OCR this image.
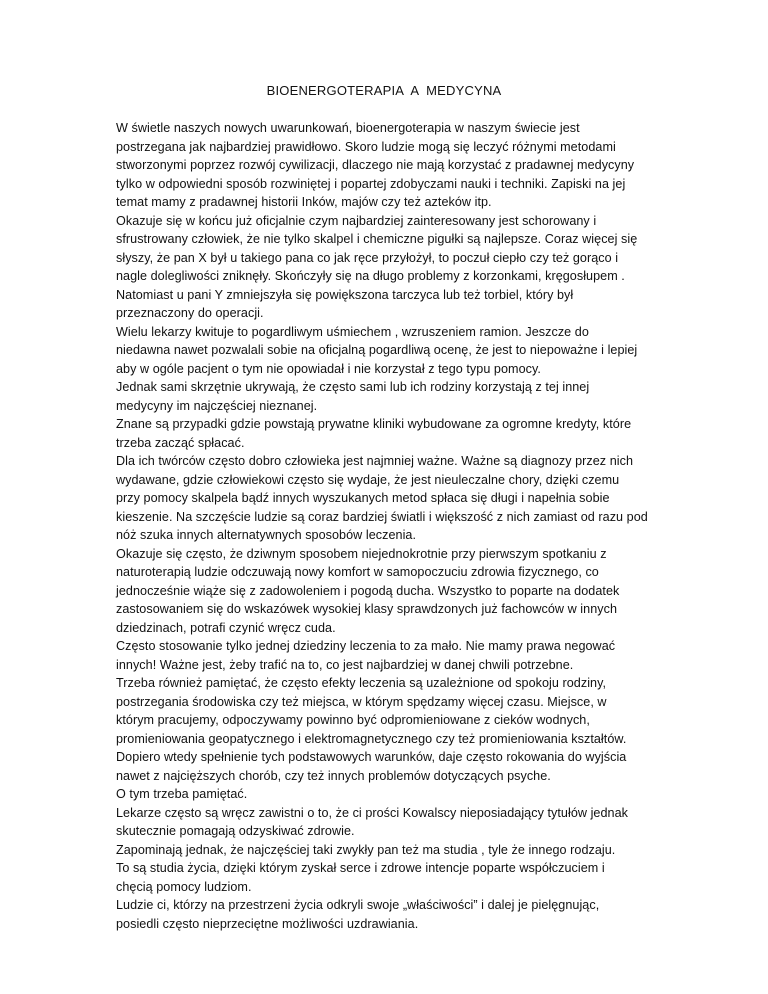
BIOENERGOTERAPIA  A  MEDYCYNA
W świetle naszych nowych uwarunkowań, bioenergoterapia w naszym świecie jest
postrzegana jak najbardziej prawidłowo. Skoro ludzie mogą się leczyć różnymi metodami
stworzonymi poprzez rozwój cywilizacji, dlaczego nie mają korzystać z pradawnej medycyny
tylko w odpowiedni sposób rozwiniętej i popartej zdobyczami nauki i techniki. Zapiski na jej
temat mamy z pradawnej historii Inków, majów czy też azteków itp.
Okazuje się w końcu już oficjalnie czym najbardziej zainteresowany jest schorowany i
sfrustrowany człowiek, że nie tylko skalpel i chemiczne pigułki są najlepsze. Coraz więcej się
słyszy, że pan X był u takiego pana co jak ręce przyłożył, to poczuł ciepło czy też gorąco i
nagle dolegliwości zniknęły. Skończyły się na długo problemy z korzonkami, kręgosłupem .
Natomiast u pani Y zmniejszyła się powiększona tarczyca lub też torbiel, który był
przeznaczony do operacji.
Wielu lekarzy kwituje to pogardliwym uśmiechem , wzruszeniem ramion. Jeszcze do
niedawna nawet pozwalali sobie na oficjalną pogardliwą ocenę, że jest to niepoważne i lepiej
aby w ogóle pacjent o tym nie opowiadał i nie korzystał z tego typu pomocy.
Jednak sami skrzętnie ukrywają, że często sami lub ich rodziny korzystają z tej innej
medycyny im najczęściej nieznanej.
Znane są przypadki gdzie powstają prywatne kliniki wybudowane za ogromne kredyty, które
trzeba zacząć spłacać.
Dla ich twórców często dobro człowieka jest najmniej ważne. Ważne są diagnozy przez nich
wydawane, gdzie człowiekowi często się wydaje, że jest nieuleczalne chory, dzięki czemu
przy pomocy skalpela bądź innych wyszukanych metod spłaca się długi i napełnia sobie
kieszenie. Na szczęście ludzie są coraz bardziej światli i większość z nich zamiast od razu pod
nóż szuka innych alternatywnych sposobów leczenia.
Okazuje się często, że dziwnym sposobem niejednokrotnie przy pierwszym spotkaniu z
naturoterapią ludzie odczuwają nowy komfort w samopoczuciu zdrowia fizycznego, co
jednocześnie wiąże się z zadowoleniem i pogodą ducha. Wszystko to poparte na dodatek
zastosowaniem się do wskazówek wysokiej klasy sprawdzonych już fachowców w innych
dziedzinach, potrafi czynić wręcz cuda.
Często stosowanie tylko jednej dziedziny leczenia to za mało. Nie mamy prawa negować
innych! Ważne jest, żeby trafić na to, co jest najbardziej w danej chwili potrzebne.
Trzeba również pamiętać, że często efekty leczenia są uzależnione od spokoju rodziny,
postrzegania środowiska czy też miejsca, w którym spędzamy więcej czasu. Miejsce, w
którym pracujemy, odpoczywamy powinno być odpromieniowane z cieków wodnych,
promieniowania geopatycznego i elektromagnetycznego czy też promieniowania kształtów.
Dopiero wtedy spełnienie tych podstawowych warunków, daje często rokowania do wyjścia
nawet z najcięższych chorób, czy też innych problemów dotyczących psyche.
O tym trzeba pamiętać.
Lekarze często są wręcz zawistni o to, że ci prości Kowalscy nieposiadający tytułów jednak
skutecznie pomagają odzyskiwać zdrowie.
Zapominają jednak, że najczęściej taki zwykły pan też ma studia , tyle że innego rodzaju.
To są studia życia, dzięki którym zyskał serce i zdrowe intencje poparte współczuciem i
chęcią pomocy ludziom.
Ludzie ci, którzy na przestrzeni życia odkryli swoje „właściwości” i dalej je pielęgnując,
posiedli często nieprzeciętne możliwości uzdrawiania.
